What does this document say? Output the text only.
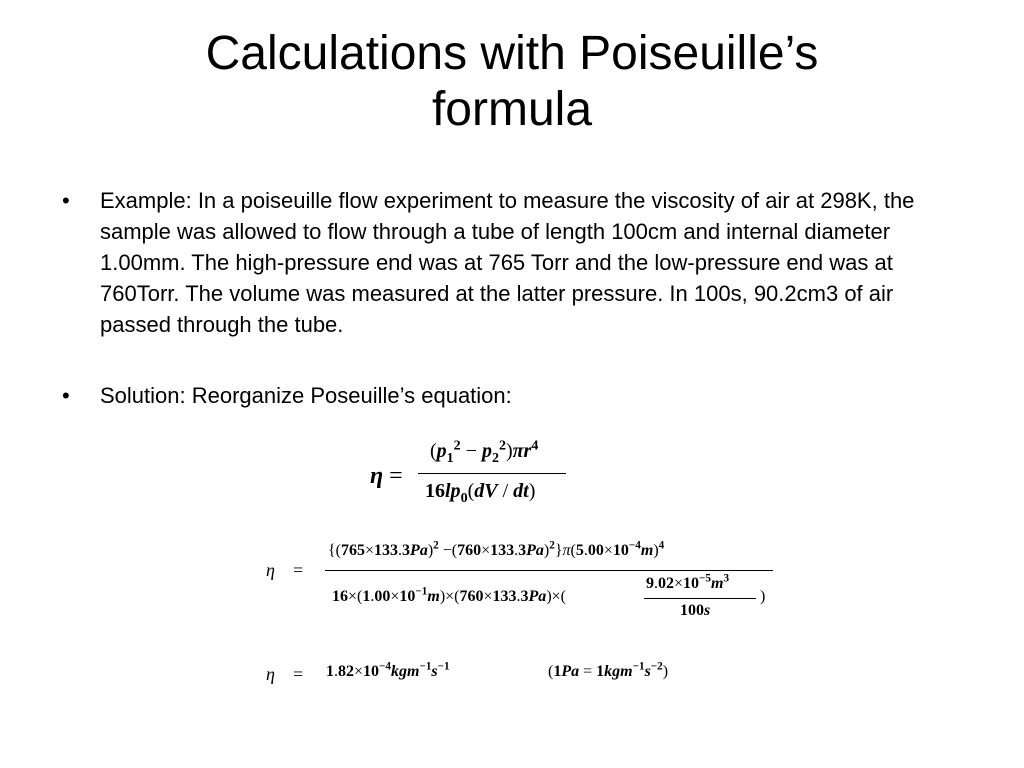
Calculations with Poiseuille’s
formula
• Example: In a poiseuille flow experiment to measure the viscosity of air at 298K, the sample was allowed to flow through a tube of length 100cm and internal diameter 1.00mm. The high-pressure end was at 765 Torr and the low-pressure end was at 760Torr. The volume was measured at the latter pressure. In 100s, 90.2cm3 of air passed through the tube.
• Solution: Reorganize Poseuille’s equation:
η =
$(p_1^2 - p_2^2)\pi r^4$
$16lp_0(dV / dt)$
η    =
$\{(765\times 133.3Pa)^2 -(760\times 133.3Pa)^2\}\pi(5.00\times 10^{-4}m)^4$
$9.02\times 10^{-5}m^3$
$16\times(1.00\times 10^{-1}m)\times(760\times 133.3Pa)\times$(	)
100s
η    = $1.82\times 10^{-4}kgm^{-1}s^{-1}$	$(1Pa = 1kgm^{-1}s^{-2})$
